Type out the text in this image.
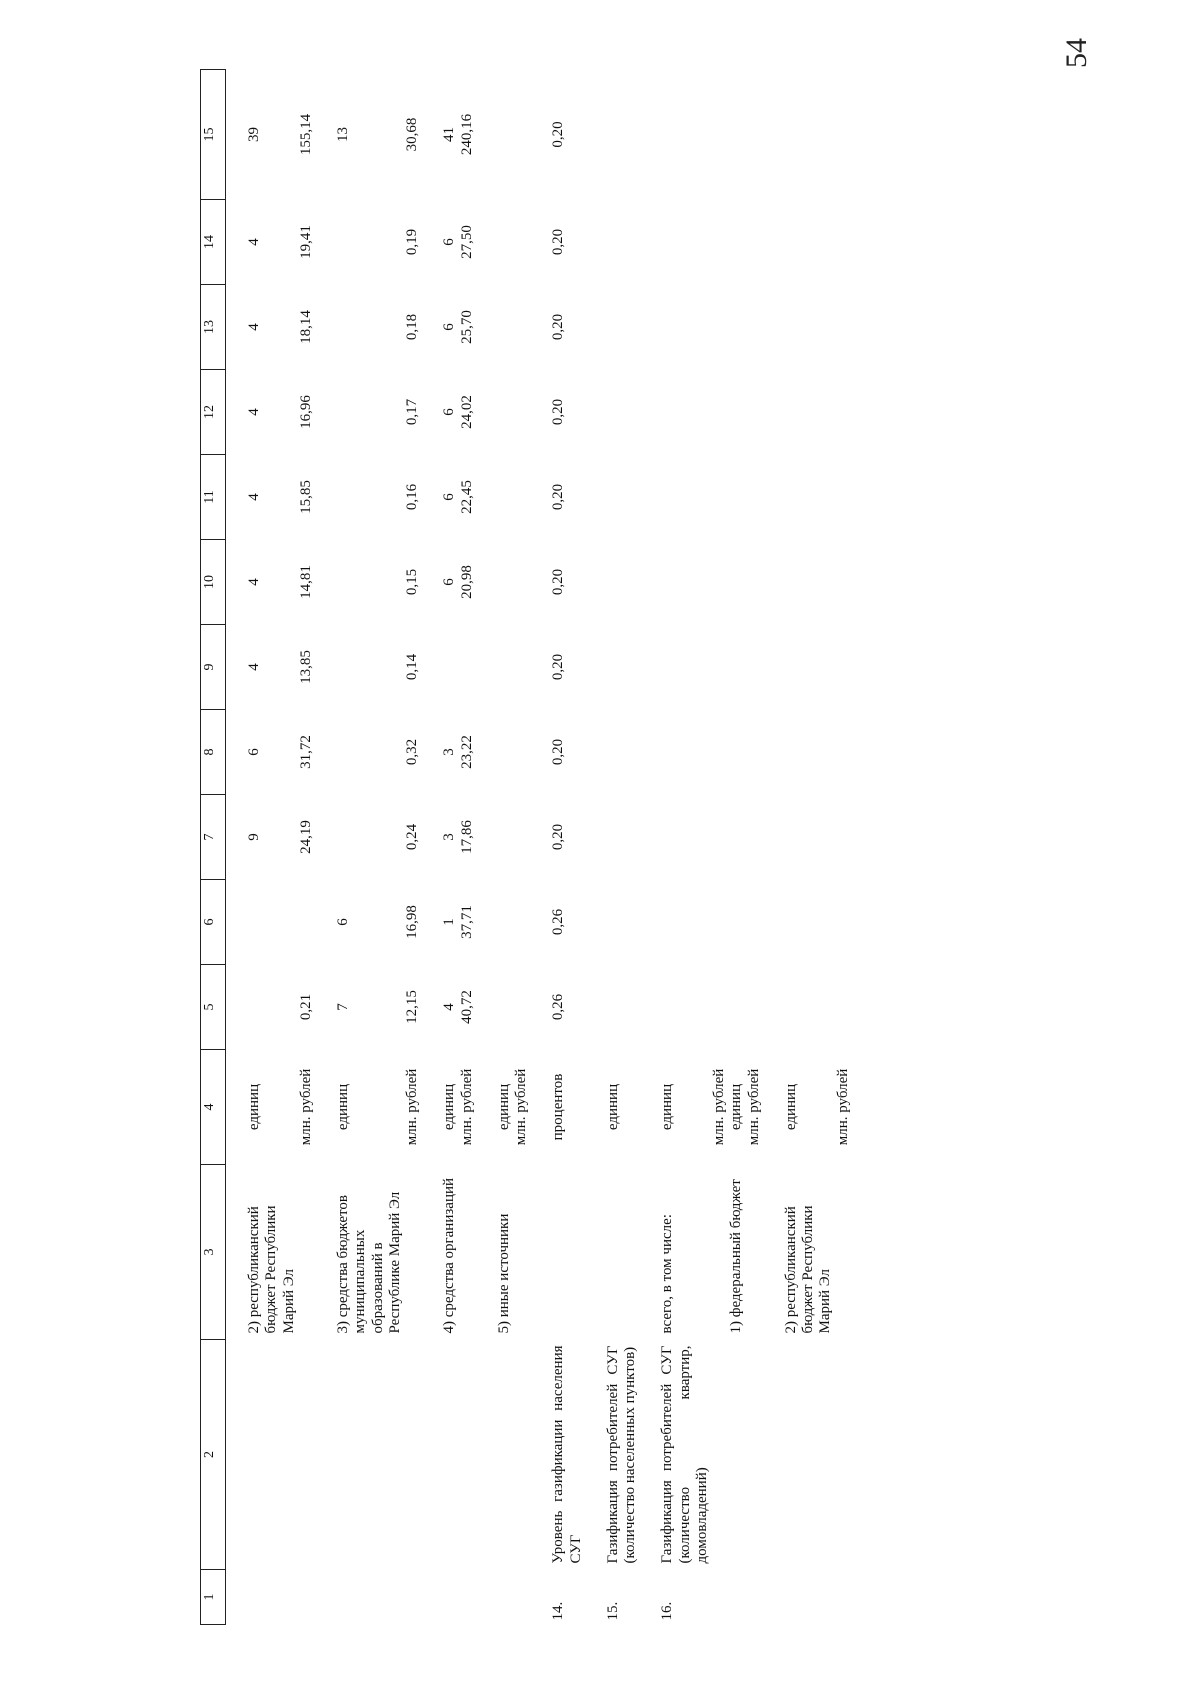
54
1	2	3	4	5	6	7	8	9	10	11	12	13	14	15

		2) республиканский бюджет Республики Марий Эл	единиц			9	6	4	4	4	4	4	4	39
			млн. рублей	0,21		24,19	31,72	13,85	14,81	15,85	16,96	18,14	19,41	155,14

		3) средства бюджетов муниципальных образований в Республике Марий Эл	единиц	7	6									13
			млн. рублей	12,15	16,98	0,24	0,32	0,14	0,15	0,16	0,17	0,18	0,19	30,68

		4) средства организаций	единиц	4	1	3	3		6	6	6	6	6	41
			млн. рублей	40,72	37,71	17,86	23,22		20,98	22,45	24,02	25,70	27,50	240,16

		5) иные источники	единиц											
			млн. рублей											

14.	Уровень газификации населения СУГ		процентов	0,26	0,26	0,20	0,20	0,20	0,20	0,20	0,20	0,20	0,20	0,20

15.	Газификация потребителей СУГ (количество населенных пунктов)		единиц											

16.	Газификация потребителей СУГ (количество квартир, домовладений)	всего, в том числе:	единиц											
			млн. рублей											
		1) федеральный бюджет	единиц											
			млн. рублей											

		2) республиканский бюджет Республики Марий Эл	единиц											
			млн. рублей											
